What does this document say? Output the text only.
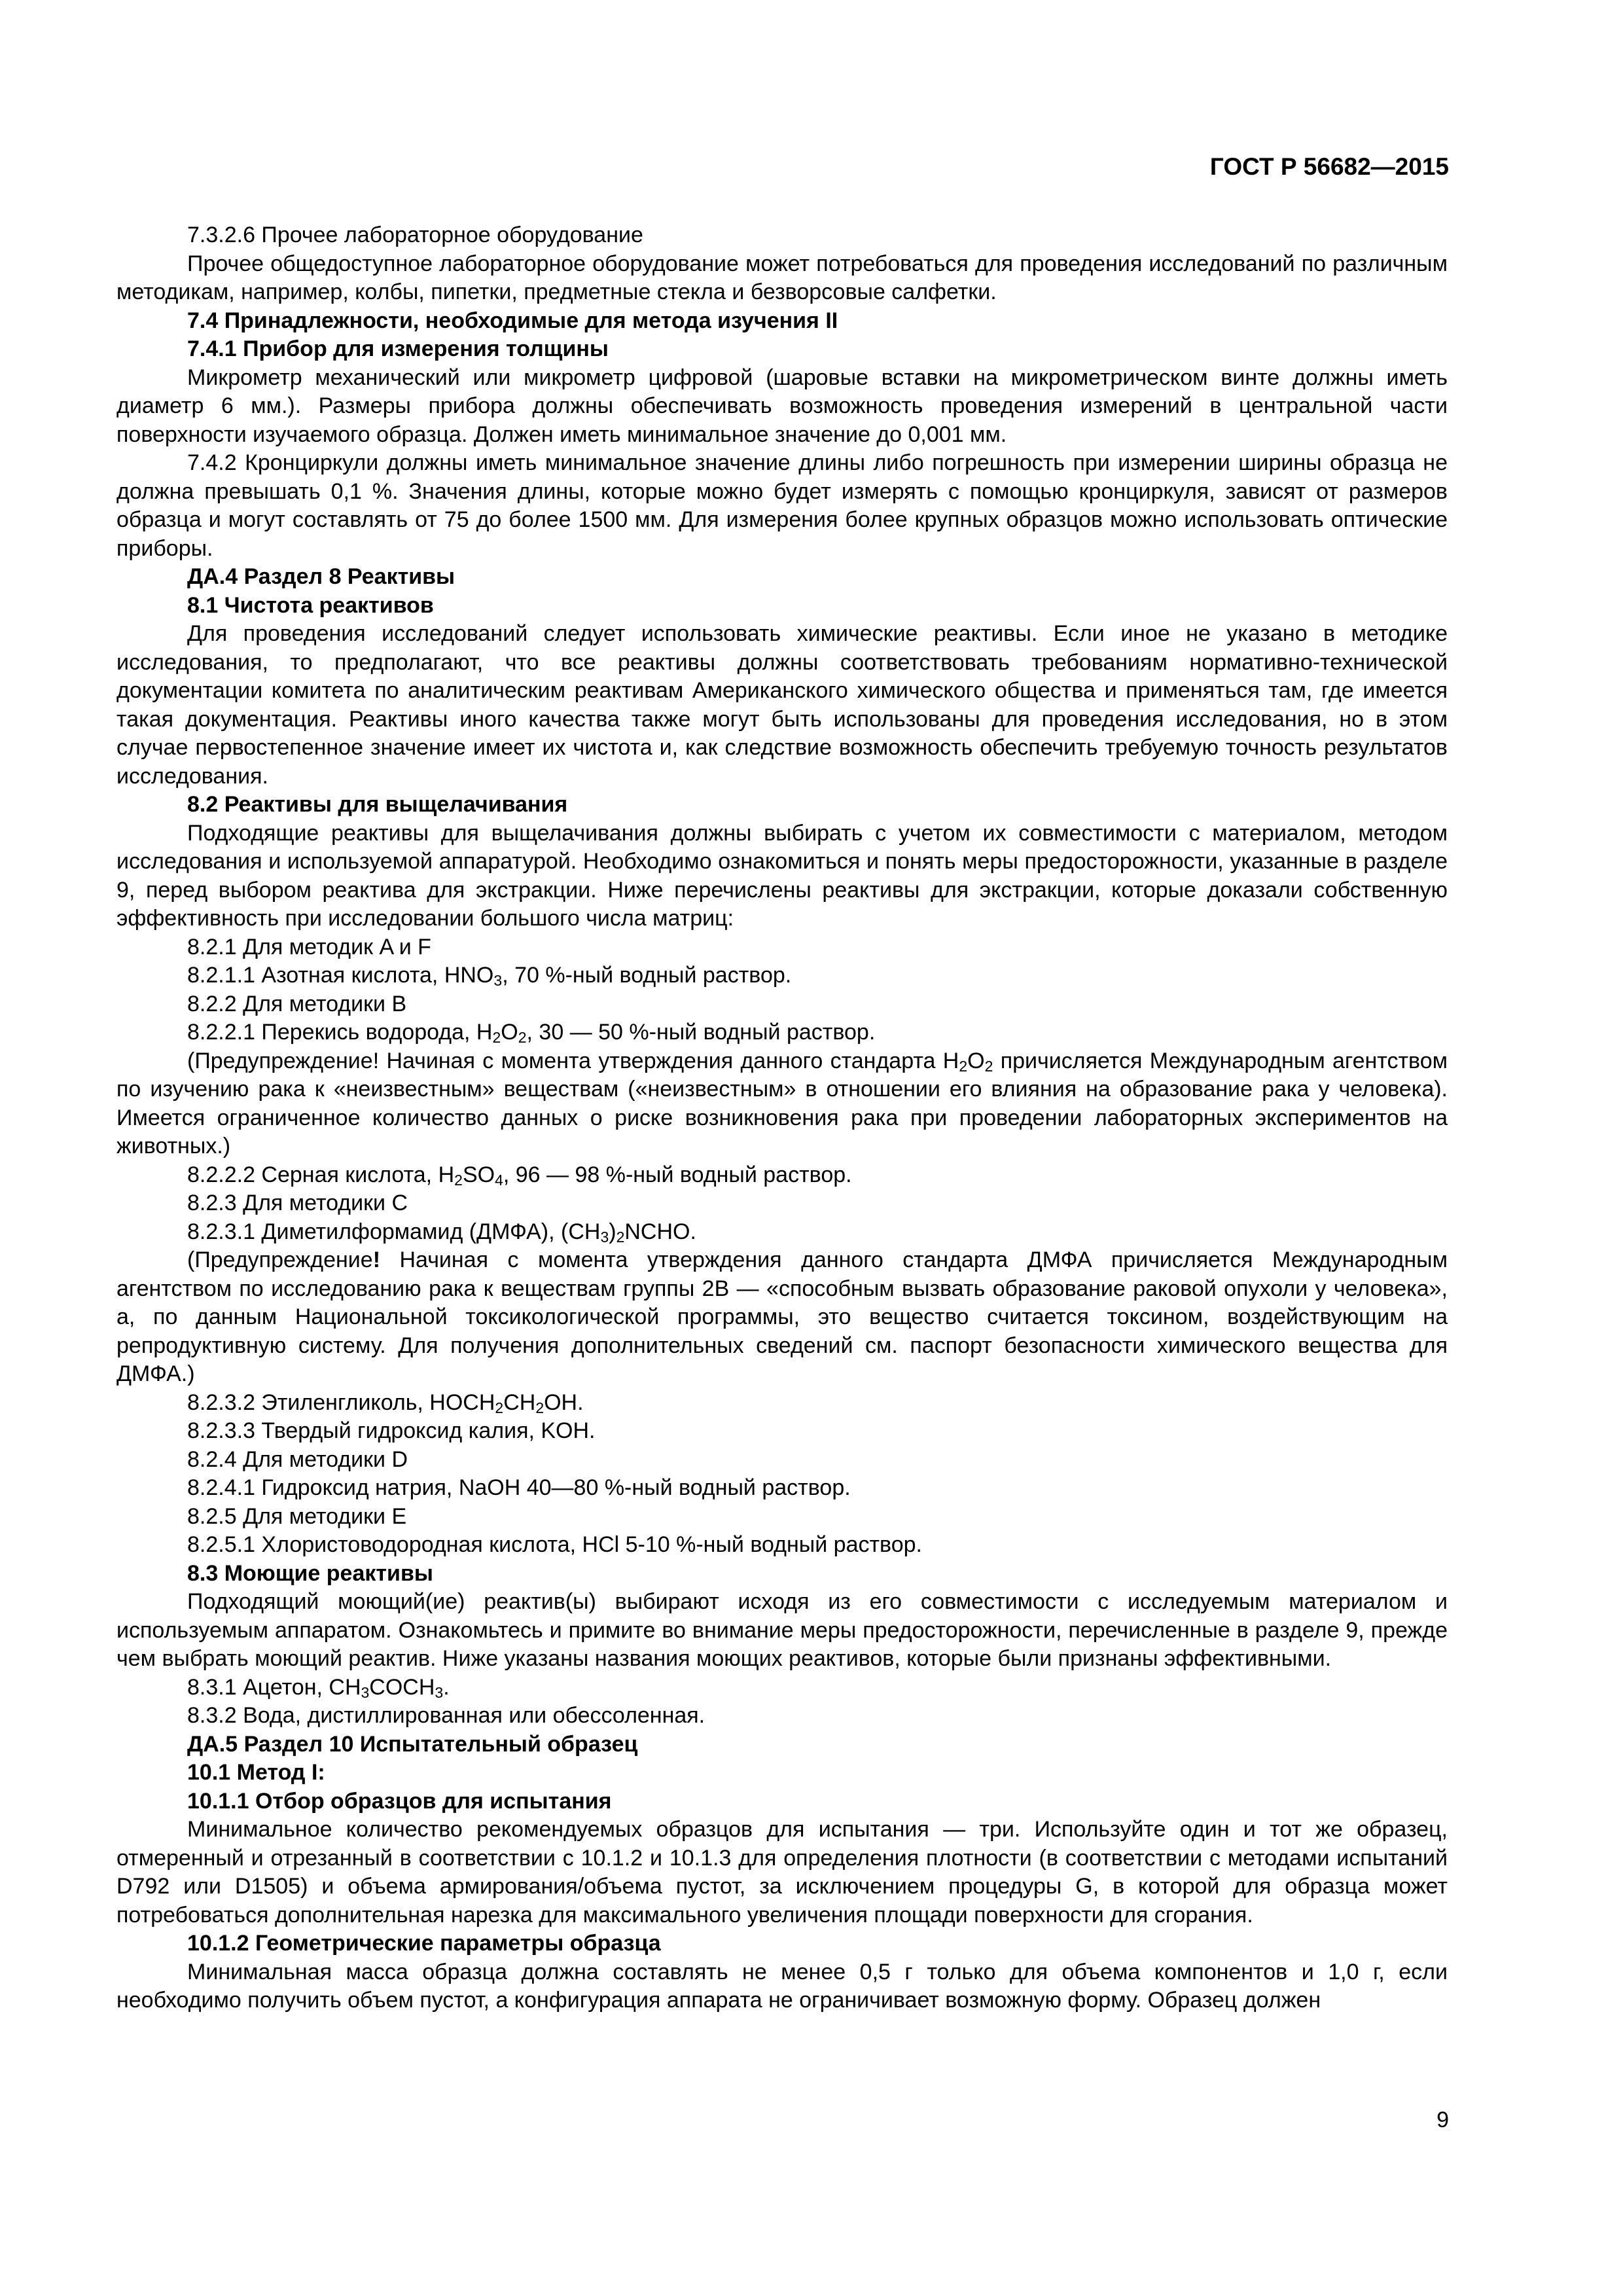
ГОСТ Р 56682—2015

7.3.2.6 Прочее лабораторное оборудование

Прочее общедоступное лабораторное оборудование может потребоваться для проведения исследований по различным методикам, например, колбы, пипетки, предметные стекла и безворсовые салфетки.

7.4 Принадлежности, необходимые для метода изучения II

7.4.1 Прибор для измерения толщины

Микрометр механический или микрометр цифровой (шаровые вставки на микрометрическом винте должны иметь диаметр 6 мм.). Размеры прибора должны обеспечивать возможность проведения измерений в центральной части поверхности изучаемого образца. Должен иметь минимальное значение до 0,001 мм.

7.4.2 Кронциркули должны иметь минимальное значение длины либо погрешность при измерении ширины образца не должна превышать 0,1 %. Значения длины, которые можно будет измерять с помощью кронциркуля, зависят от размеров образца и могут составлять от 75 до более 1500 мм. Для измерения более крупных образцов можно использовать оптические приборы.

ДА.4 Раздел 8 Реактивы

8.1 Чистота реактивов

Для проведения исследований следует использовать химические реактивы. Если иное не указано в методике исследования, то предполагают, что все реактивы должны соответствовать требованиям нормативно-технической документации комитета по аналитическим реактивам Американского химического общества и применяться там, где имеется такая документация. Реактивы иного качества также могут быть использованы для проведения исследования, но в этом случае первостепенное значение имеет их чистота и, как следствие возможность обеспечить требуемую точность результатов исследования.

8.2 Реактивы для выщелачивания

Подходящие реактивы для выщелачивания должны выбирать с учетом их совместимости с материалом, методом исследования и используемой аппаратурой. Необходимо ознакомиться и понять меры предосторожности, указанные в разделе 9, перед выбором реактива для экстракции. Ниже перечислены реактивы для экстракции, которые доказали собственную эффективность при исследовании большого числа матриц:

8.2.1 Для методик A и F

8.2.1.1 Азотная кислота, $HNO_3$, 70 %-ный водный раствор.

8.2.2 Для методики B

8.2.2.1 Перекись водорода, $H_2O_2$, 30 — 50 %-ный водный раствор.

(Предупреждение! Начиная с момента утверждения данного стандарта $H_2O_2$ причисляется Международным агентством по изучению рака к «неизвестным» веществам («неизвестным» в отношении его влияния на образование рака у человека). Имеется ограниченное количество данных о риске возникновения рака при проведении лабораторных экспериментов на животных.)

8.2.2.2 Серная кислота, $H_2SO_4$, 96 — 98 %-ный водный раствор.

8.2.3 Для методики C

8.2.3.1 Диметилформамид (ДМФА), $(CH_3)_2NCHO$.

(Предупреждение! Начиная с момента утверждения данного стандарта ДМФА причисляется Международным агентством по исследованию рака к веществам группы 2B — «способным вызвать образование раковой опухоли у человека», а, по данным Национальной токсикологической программы, это вещество считается токсином, воздействующим на репродуктивную систему. Для получения дополнительных сведений см. паспорт безопасности химического вещества для ДМФА.)

8.2.3.2 Этиленгликоль, $HOCH_2CH_2OH$.

8.2.3.3 Твердый гидроксид калия, KOH.

8.2.4 Для методики D

8.2.4.1 Гидроксид натрия, NaOH 40—80 %-ный водный раствор.

8.2.5 Для методики E

8.2.5.1 Хлористоводородная кислота, HCl 5-10 %-ный водный раствор.

8.3 Моющие реактивы

Подходящий моющий(ие) реактив(ы) выбирают исходя из его совместимости с исследуемым материалом и используемым аппаратом. Ознакомьтесь и примите во внимание меры предосторожности, перечисленные в разделе 9, прежде чем выбрать моющий реактив. Ниже указаны названия моющих реактивов, которые были признаны эффективными.

8.3.1 Ацетон, $CH_3COCH_3$.

8.3.2 Вода, дистиллированная или обессоленная.

ДА.5 Раздел 10 Испытательный образец

10.1 Метод I:

10.1.1 Отбор образцов для испытания

Минимальное количество рекомендуемых образцов для испытания — три. Используйте один и тот же образец, отмеренный и отрезанный в соответствии с 10.1.2 и 10.1.3 для определения плотности (в соответствии с методами испытаний D792 или D1505) и объема армирования/объема пустот, за исключением процедуры G, в которой для образца может потребоваться дополнительная нарезка для максимального увеличения площади поверхности для сгорания.

10.1.2 Геометрические параметры образца

Минимальная масса образца должна составлять не менее 0,5 г только для объема компонентов и 1,0 г, если необходимо получить объем пустот, а конфигурация аппарата не ограничивает возможную форму. Образец должен

9
